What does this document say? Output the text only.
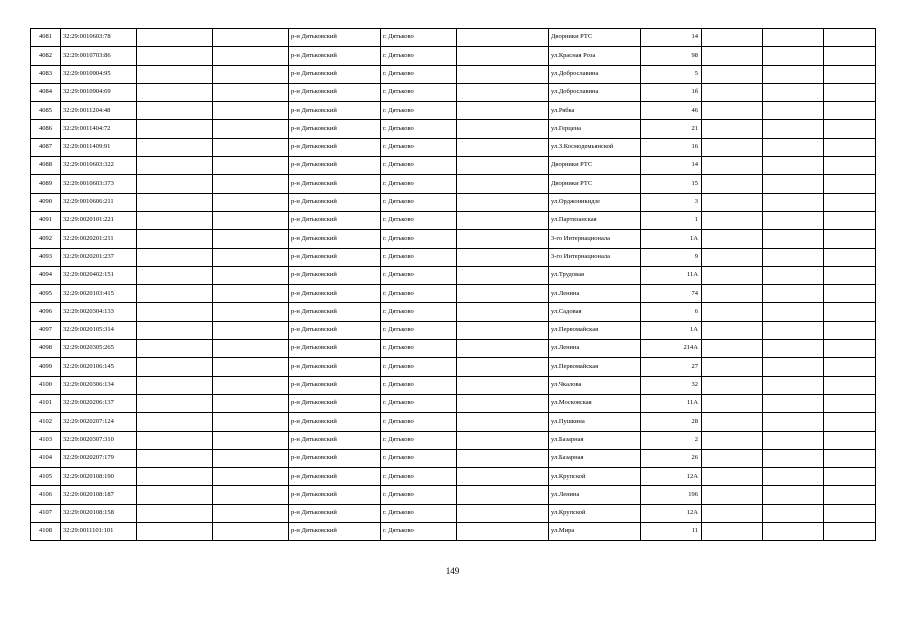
4081	32:29:0010603:78			р-н Дятьковский	г. Дятьково		Дворники РТС	14			
4082	32:29:0010703:86			р-н Дятьковский	г. Дятьково		ул.Красная Роза	98			
4083	32:29:0010904:95			р-н Дятьковский	г. Дятьково		ул.Доброславина	5			
4084	32:29:0010904:69			р-н Дятьковский	г. Дятьково		ул.Доброславина	1б			
4085	32:29:0011204:48			р-н Дятьковский	г. Дятьково		ул.Рябка	46			
4086	32:29:0011404:72			р-н Дятьковский	г. Дятьково		ул.Герцена	21			
4087	32:29:0011409:91			р-н Дятьковский	г. Дятьково		ул.З.Космодемьянской	16			
4088	32:29:0010603:322			р-н Дятьковский	г. Дятьково		Дворники РТС	14			
4089	32:29:0010603:373			р-н Дятьковский	г. Дятьково		Дворники РТС	15			
4090	32:29:0010606:211			р-н Дятьковский	г. Дятьково		ул.Орджоникидзе	3			
4091	32:29:0020101:221			р-н Дятьковский	г. Дятьково		ул.Партизанская	1			
4092	32:29:0020201:211			р-н Дятьковский	г. Дятьково		3-го Интернационала	1А			
4093	32:29:0020201:237			р-н Дятьковский	г. Дятьково		3-го Интернационала	9			
4094	32:29:0020402:151			р-н Дятьковский	г. Дятьково		ул.Трудовая	11А			
4095	32:29:0020103:415			р-н Дятьковский	г. Дятьково		ул.Ленина	74			
4096	32:29:0020304:133			р-н Дятьковский	г. Дятьково		ул.Садовая	6			
4097	32:29:0020105:314			р-н Дятьковский	г. Дятьково		ул.Первомайская	1А			
4098	32:29:0020305:265			р-н Дятьковский	г. Дятьково		ул.Ленина	214А			
4099	32:29:0020106:145			р-н Дятьковский	г. Дятьково		ул.Первомайская	27			
4100	32:29:0020306:134			р-н Дятьковский	г. Дятьково		ул.Чкалова	32			
4101	32:29:0020206:137			р-н Дятьковский	г. Дятьково		ул.Московская	11А			
4102	32:29:0020207:124			р-н Дятьковский	г. Дятьково		ул.Пушкина	28			
4103	32:29:0020307:310			р-н Дятьковский	г. Дятьково		ул.Базарная	2			
4104	32:29:0020207:179			р-н Дятьковский	г. Дятьково		ул.Базарная	26			
4105	32:29:0020108:190			р-н Дятьковский	г. Дятьково		ул.Крупской	12А			
4106	32:29:0020108:187			р-н Дятьковский	г. Дятьково		ул.Ленина	196			
4107	32:29:0020108:158			р-н Дятьковский	г. Дятьково		ул.Крупской	12А			
4108	32:29:0011101:101			р-н Дятьковский	г. Дятьково		ул.Мира	11			
149
